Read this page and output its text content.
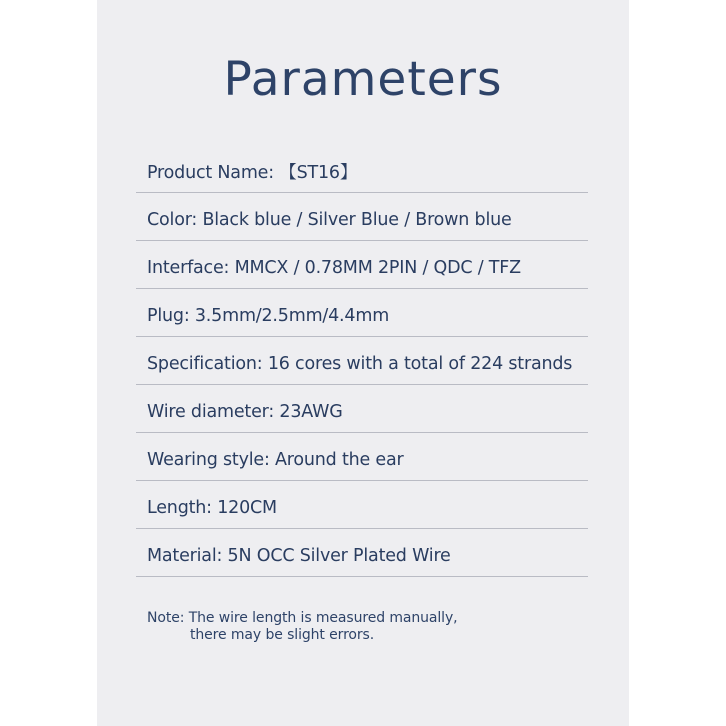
Parameters
Product Name: 【ST16】
Color: Black blue / Silver Blue / Brown blue
Interface: MMCX / 0.78MM 2PIN / QDC / TFZ
Plug: 3.5mm/2.5mm/4.4mm
Specification: 16 cores with a total of 224 strands
Wire diameter: 23AWG
Wearing style: Around the ear
Length: 120CM
Material: 5N OCC Silver Plated Wire
Note: The wire length is measured manually,
there may be slight errors.
